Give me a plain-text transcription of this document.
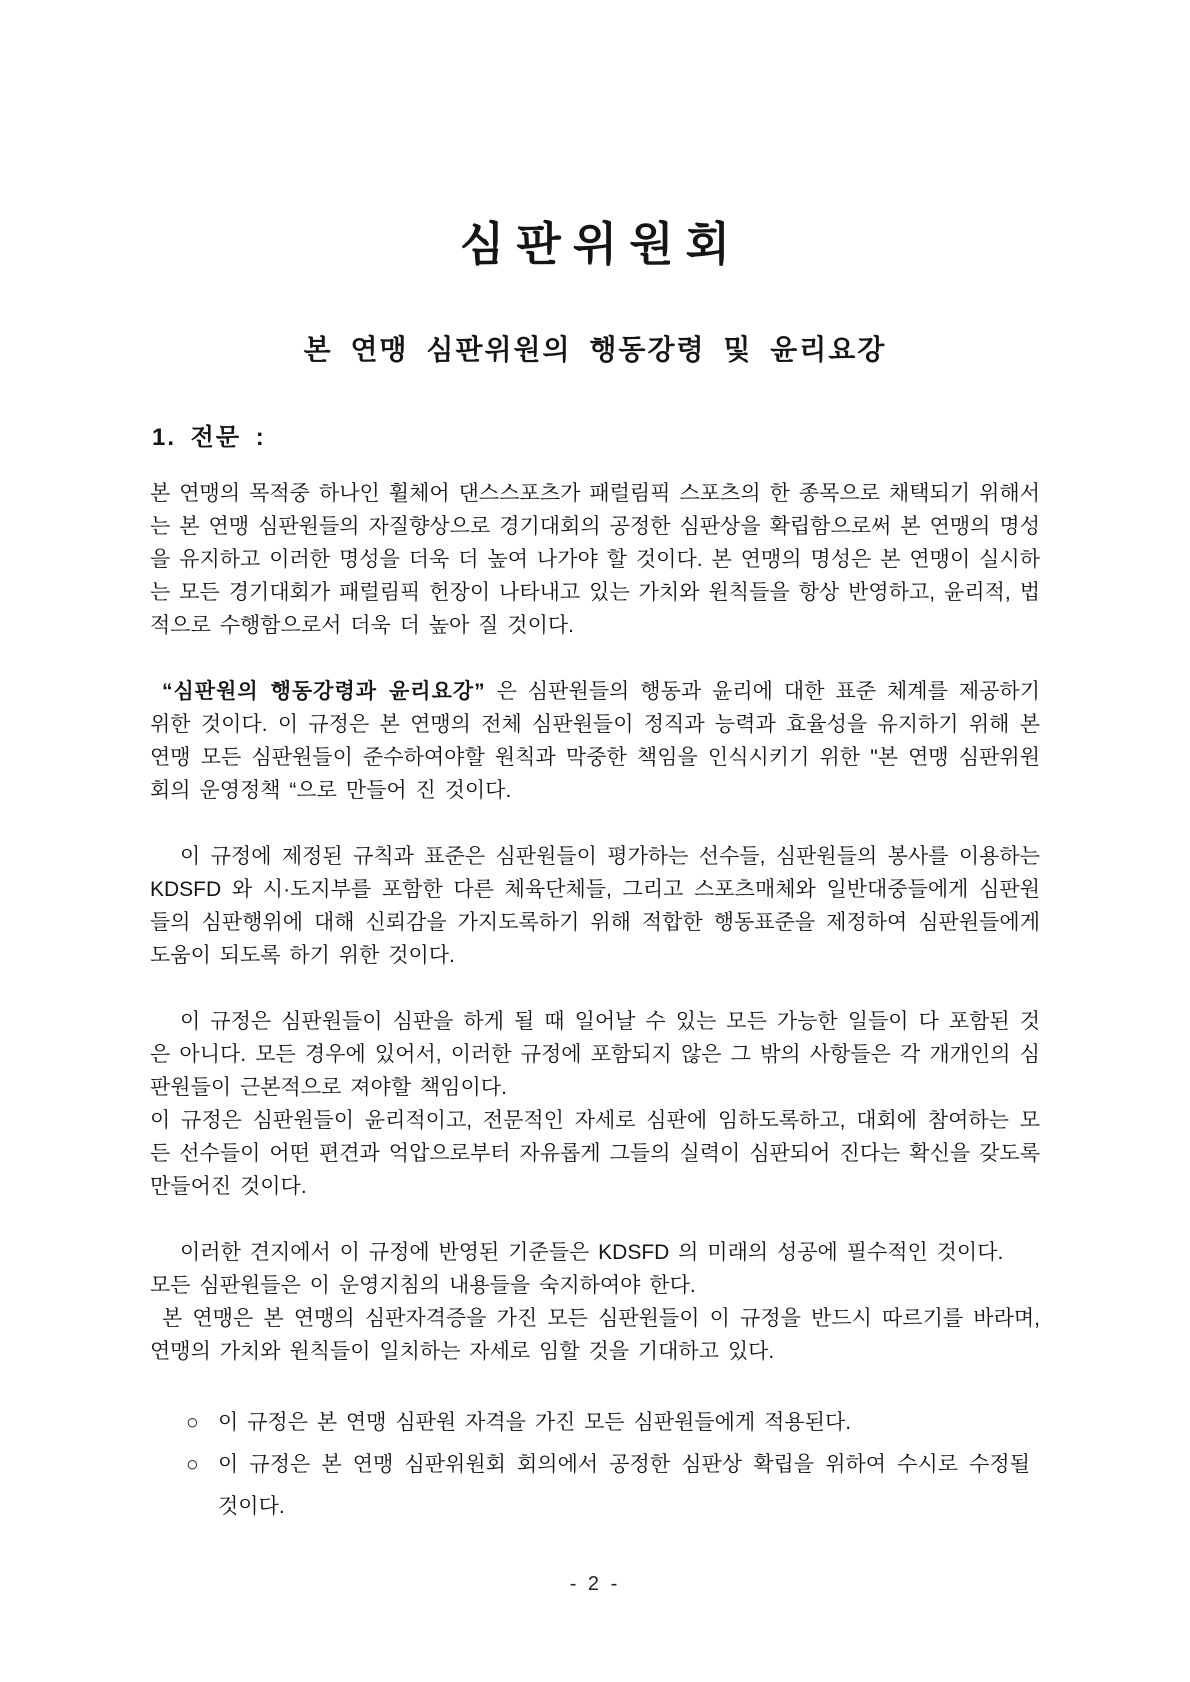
심판위원회
본 연맹 심판위원의 행동강령 및 윤리요강
1. 전문 :

본 연맹의 목적중 하나인 휠체어 댄스스포츠가 패럴림픽 스포츠의 한 종목으로 채택되기 위해서는 본 연맹 심판원들의 자질향상으로 경기대회의 공정한 심판상을 확립함으로써 본 연맹의 명성을 유지하고 이러한 명성을 더욱 더 높여 나가야 할 것이다. 본 연맹의 명성은 본 연맹이 실시하는 모든 경기대회가 패럴림픽 헌장이 나타내고 있는 가치와 원칙들을 항상 반영하고, 윤리적, 법적으로 수행함으로서 더욱 더 높아 질 것이다.

“심판원의 행동강령과 윤리요강” 은 심판원들의 행동과 윤리에 대한 표준 체계를 제공하기 위한 것이다. 이 규정은 본 연맹의 전체 심판원들이 정직과 능력과 효율성을 유지하기 위해 본 연맹 모든 심판원들이 준수하여야할 원칙과 막중한 책임을 인식시키기 위한 "본 연맹 심판위원회의 운영정책 “으로 만들어 진 것이다.

이 규정에 제정된 규칙과 표준은 심판원들이 평가하는 선수들, 심판원들의 봉사를 이용하는 KDSFD 와 시·도지부를 포함한 다른 체육단체들, 그리고 스포츠매체와 일반대중들에게 심판원들의 심판행위에 대해 신뢰감을 가지도록하기 위해 적합한 행동표준을 제정하여 심판원들에게 도움이 되도록 하기 위한 것이다.

이 규정은 심판원들이 심판을 하게 될 때 일어날 수 있는 모든 가능한 일들이 다 포함된 것은 아니다. 모든 경우에 있어서, 이러한 규정에 포함되지 않은 그 밖의 사항들은 각 개개인의 심판원들이 근본적으로 져야할 책임이다.

이 규정은 심판원들이 윤리적이고, 전문적인 자세로 심판에 임하도록하고, 대회에 참여하는 모든 선수들이 어떤 편견과 억압으로부터 자유롭게 그들의 실력이 심판되어 진다는 확신을 갖도록 만들어진 것이다.

이러한 견지에서 이 규정에 반영된 기준들은 KDSFD 의 미래의 성공에 필수적인 것이다.

모든 심판원들은 이 운영지침의 내용들을 숙지하여야 한다.

본 연맹은 본 연맹의 심판자격증을 가진 모든 심판원들이 이 규정을 반드시 따르기를 바라며, 연맹의 가치와 원칙들이 일치하는 자세로 임할 것을 기대하고 있다.

○ 이 규정은 본 연맹 심판원 자격을 가진 모든 심판원들에게 적용된다.
○ 이 규정은 본 연맹 심판위원회 회의에서 공정한 심판상 확립을 위하여 수시로 수정될 것이다.
- 2 -
